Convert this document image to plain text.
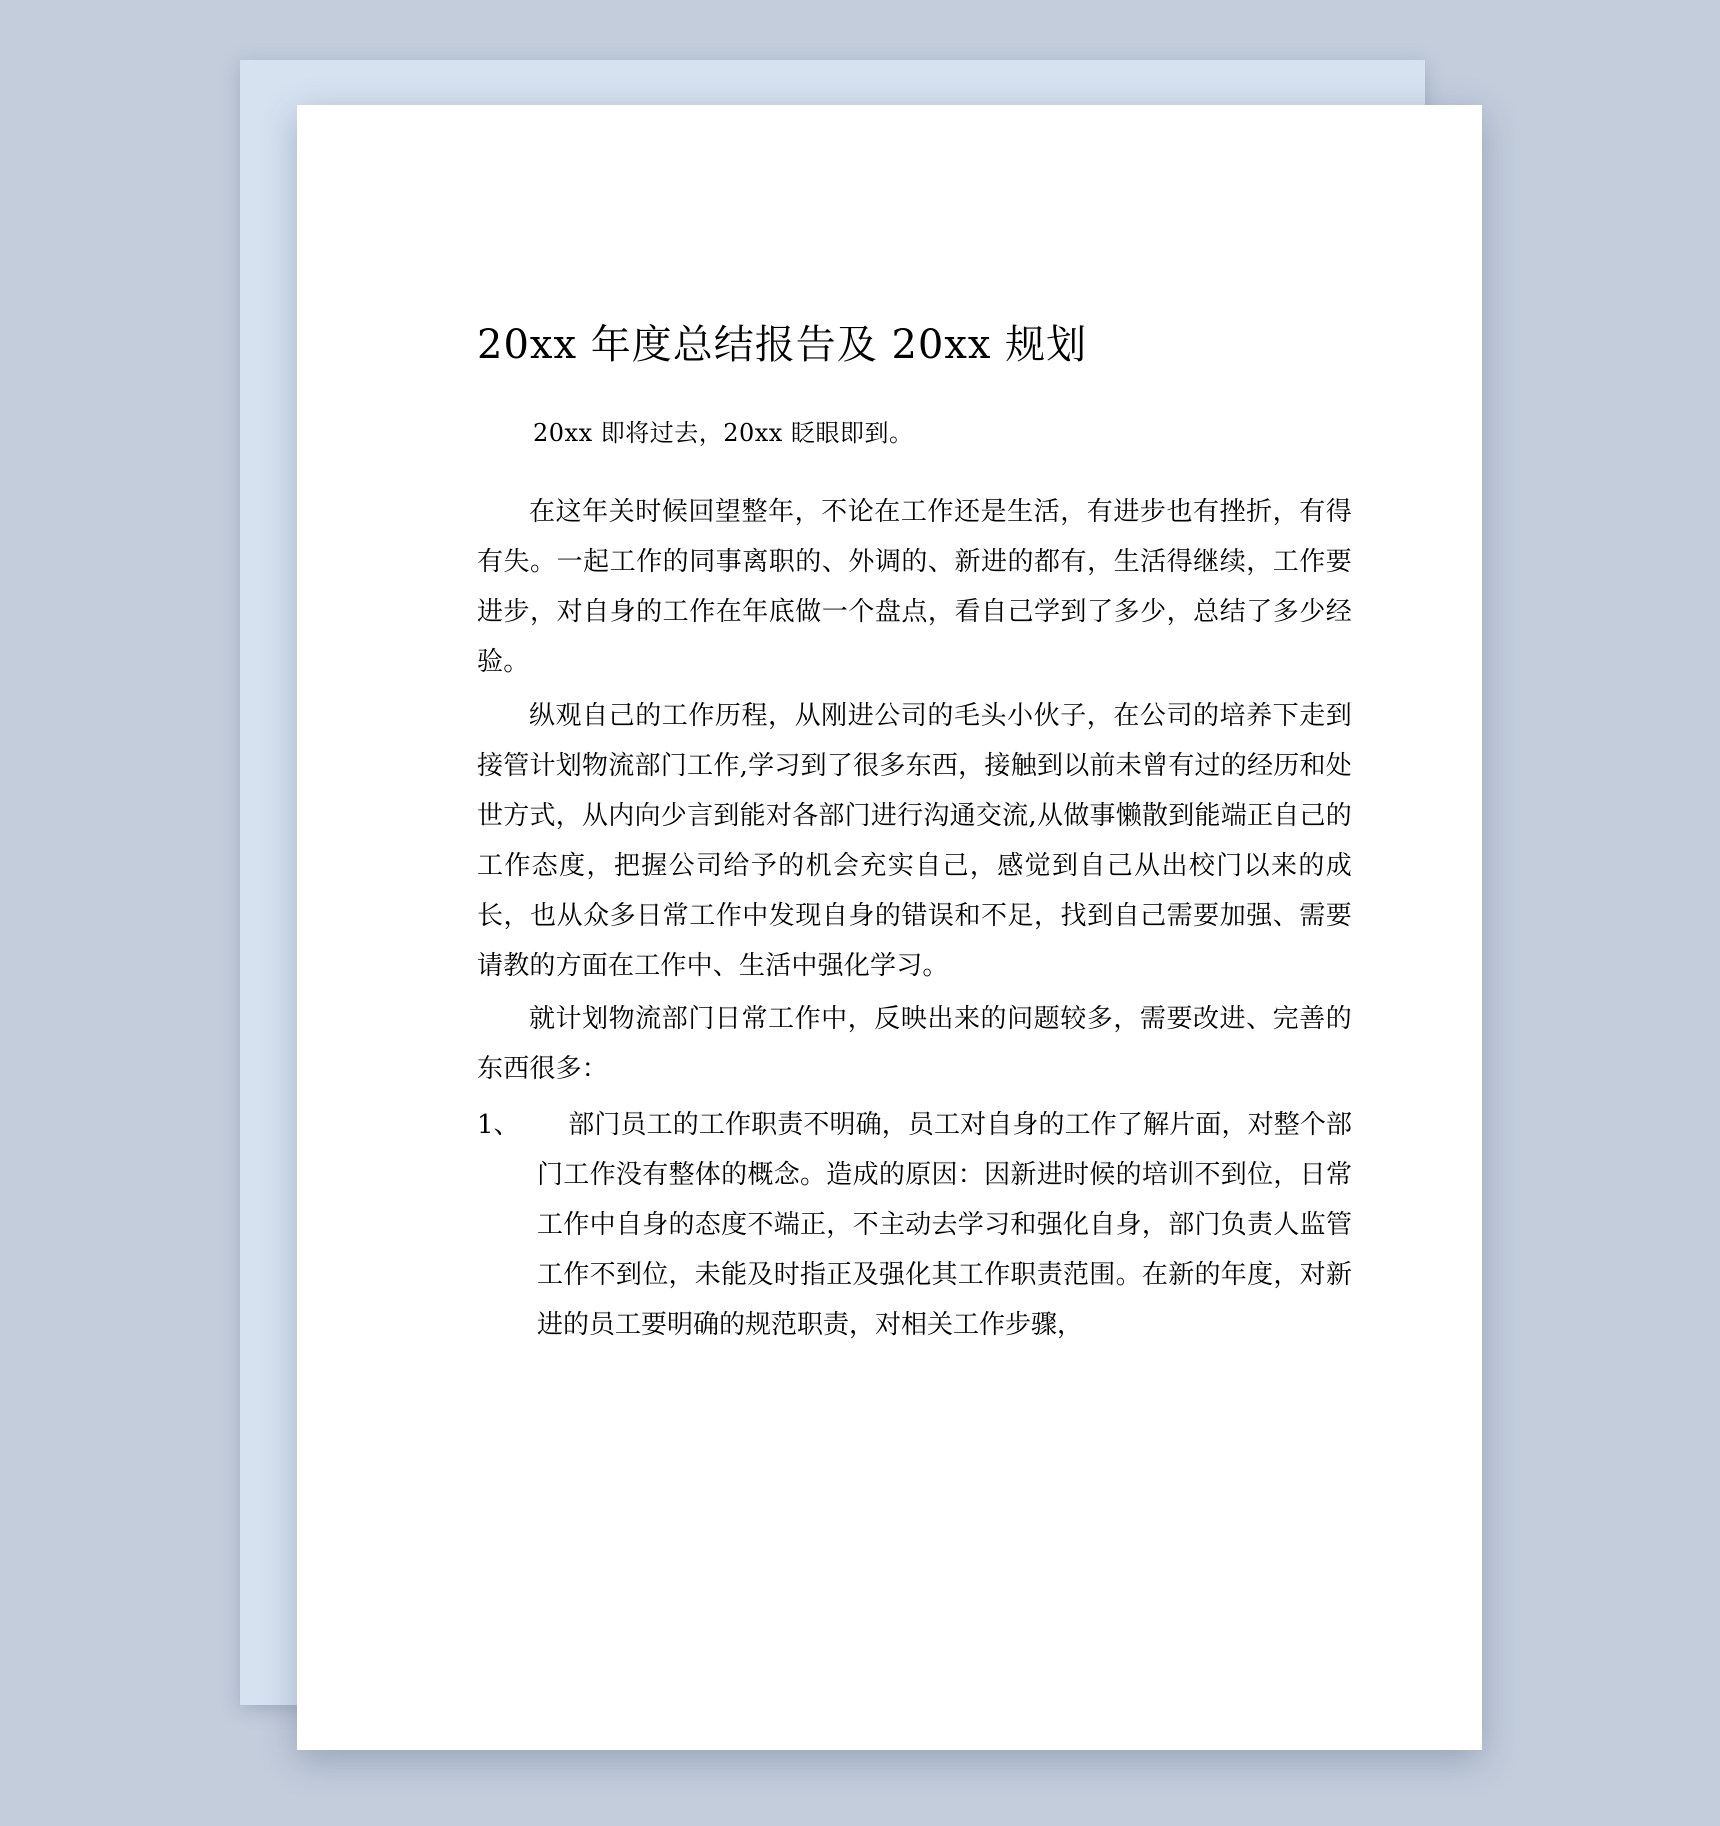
20xx 年度总结报告及 20xx 规划
20xx 即将过去，20xx 眨眼即到。

在这年关时候回望整年，不论在工作还是生活，有进步也有挫折，有得有失。一起工作的同事离职的、外调的、新进的都有，生活得继续，工作要进步，对自身的工作在年底做一个盘点，看自己学到了多少，总结了多少经验。

纵观自己的工作历程，从刚进公司的毛头小伙子，在公司的培养下走到接管计划物流部门工作,学习到了很多东西，接触到以前未曾有过的经历和处世方式，从内向少言到能对各部门进行沟通交流,从做事懒散到能端正自己的工作态度，把握公司给予的机会充实自己，感觉到自己从出校门以来的成长，也从众多日常工作中发现自身的错误和不足，找到自己需要加强、需要请教的方面在工作中、生活中强化学习。

就计划物流部门日常工作中，反映出来的问题较多，需要改进、完善的东西很多：

1、	部门员工的工作职责不明确，员工对自身的工作了解片面，对整个部门工作没有整体的概念。造成的原因：因新进时候的培训不到位，日常工作中自身的态度不端正，不主动去学习和强化自身，部门负责人监管工作不到位，未能及时指正及强化其工作职责范围。在新的年度，对新进的员工要明确的规范职责，对相关工作步骤，
